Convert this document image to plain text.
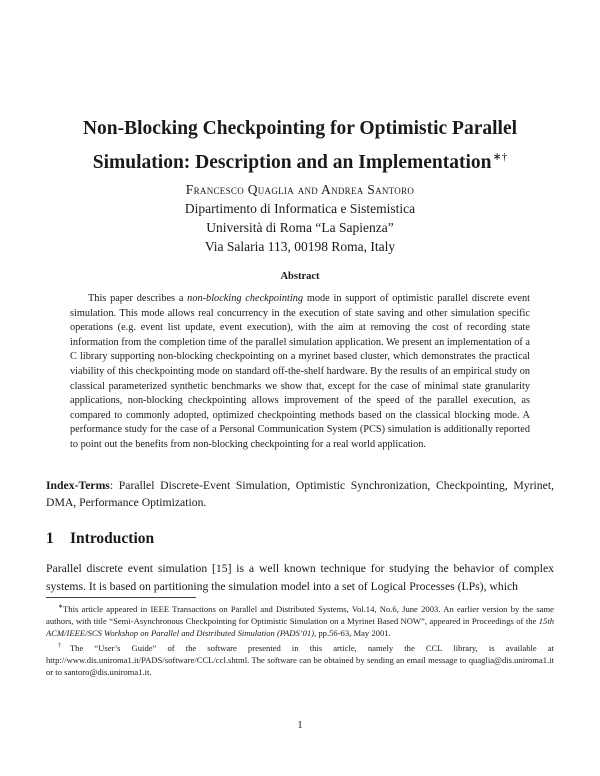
Non-Blocking Checkpointing for Optimistic Parallel
Simulation: Description and an Implementation∗†
Francesco Quaglia and Andrea Santoro
Dipartimento di Informatica e Sistemistica
Università di Roma “La Sapienza”
Via Salaria 113, 00198 Roma, Italy
Abstract

This paper describes a non-blocking checkpointing mode in support of optimistic parallel discrete event simulation. This mode allows real concurrency in the execution of state saving and other simulation specific operations (e.g. event list update, event execution), with the aim at removing the cost of recording state information from the completion time of the parallel simulation application. We present an implementation of a C library supporting non-blocking checkpointing on a myrinet based cluster, which demonstrates the practical viability of this checkpointing mode on standard off-the-shelf hardware. By the results of an empirical study on classical parameterized synthetic benchmarks we show that, except for the case of minimal state granularity applications, non-blocking checkpointing allows improvement of the speed of the parallel execution, as compared to commonly adopted, optimized checkpointing methods based on the classical blocking mode. A performance study for the case of a Personal Communication System (PCS) simulation is additionally reported to point out the benefits from non-blocking checkpointing for a real world application.

Index-Terms: Parallel Discrete-Event Simulation, Optimistic Synchronization, Checkpointing, Myrinet, DMA, Performance Optimization.

1 Introduction

Parallel discrete event simulation [15] is a well known technique for studying the behavior of complex systems. It is based on partitioning the simulation model into a set of Logical Processes (LPs), which

∗This article appeared in IEEE Transactions on Parallel and Distributed Systems, Vol.14, No.6, June 2003. An earlier version by the same authors, with title “Semi-Asynchronous Checkpointing for Optimistic Simulation on a Myrinet Based NOW”, appeared in Proceedings of the 15th ACM/IEEE/SCS Workshop on Parallel and Distributed Simulation (PADS’01), pp.56-63, May 2001.

†The “User’s Guide” of the software presented in this article, namely the CCL library, is available at http://www.dis.uniroma1.it/PADS/software/CCL/ccl.shtml. The software can be obtained by sending an email message to quaglia@dis.uniroma1.it or to santoro@dis.uniroma1.it.

1
